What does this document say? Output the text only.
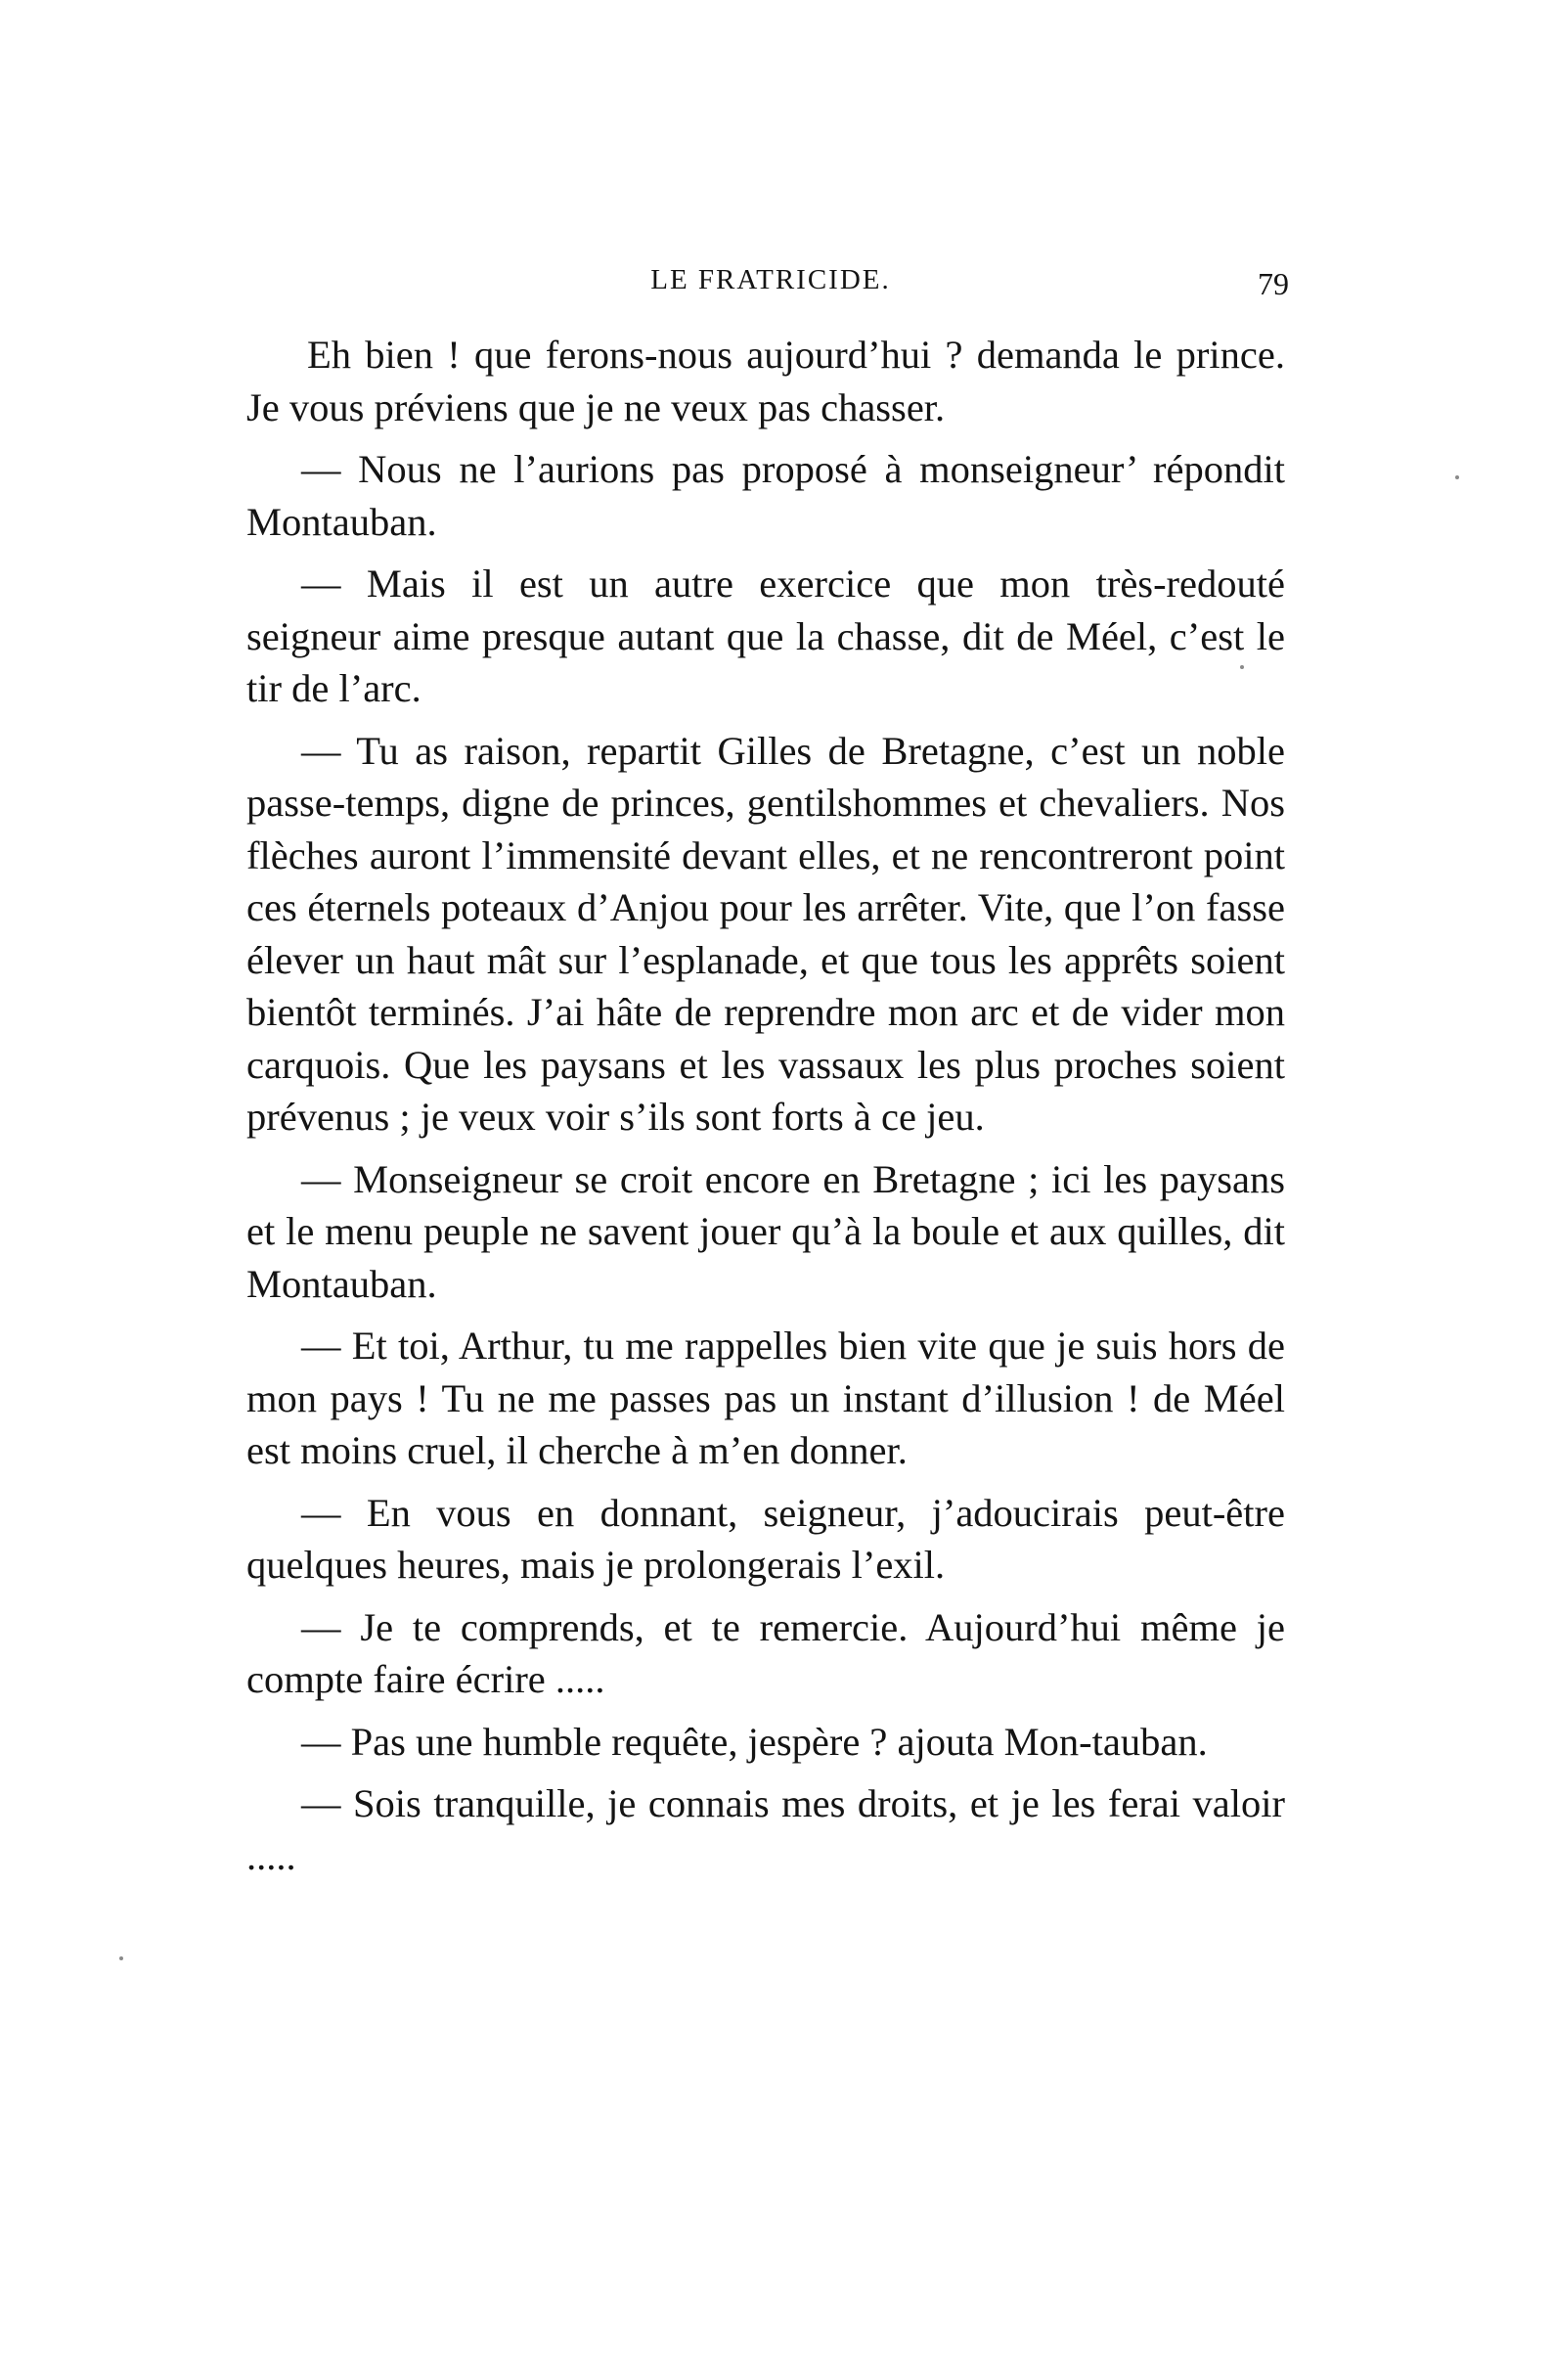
LE FRATRICIDE.	79

Eh bien ! que ferons-nous aujourd’hui ? demanda le prince. Je vous préviens que je ne veux pas chasser.

— Nous ne l’aurions pas proposé à monseigneur’ répondit Montauban.

— Mais il est un autre exercice que mon très-redouté seigneur aime presque autant que la chasse, dit de Méel, c’est le tir de l’arc.

— Tu as raison, repartit Gilles de Bretagne, c’est un noble passe-temps, digne de princes, gentilshommes et chevaliers. Nos flèches auront l’immensité devant elles, et ne rencontreront point ces éternels poteaux d’Anjou pour les arrêter. Vite, que l’on fasse élever un haut mât sur l’esplanade, et que tous les apprêts soient bientôt terminés. J’ai hâte de reprendre mon arc et de vider mon carquois. Que les paysans et les vassaux les plus proches soient prévenus ; je veux voir s’ils sont forts à ce jeu.

— Monseigneur se croit encore en Bretagne ; ici les paysans et le menu peuple ne savent jouer qu’à la boule et aux quilles, dit Montauban.

— Et toi, Arthur, tu me rappelles bien vite que je suis hors de mon pays ! Tu ne me passes pas un instant d’illusion ! de Méel est moins cruel, il cherche à m’en donner.

— En vous en donnant, seigneur, j’adoucirais peut-être quelques heures, mais je prolongerais l’exil.

— Je te comprends, et te remercie. Aujourd’hui même je compte faire écrire .....

— Pas une humble requête, jespère ? ajouta Mon-tauban.

— Sois tranquille, je connais mes droits, et je les ferai valoir .....
